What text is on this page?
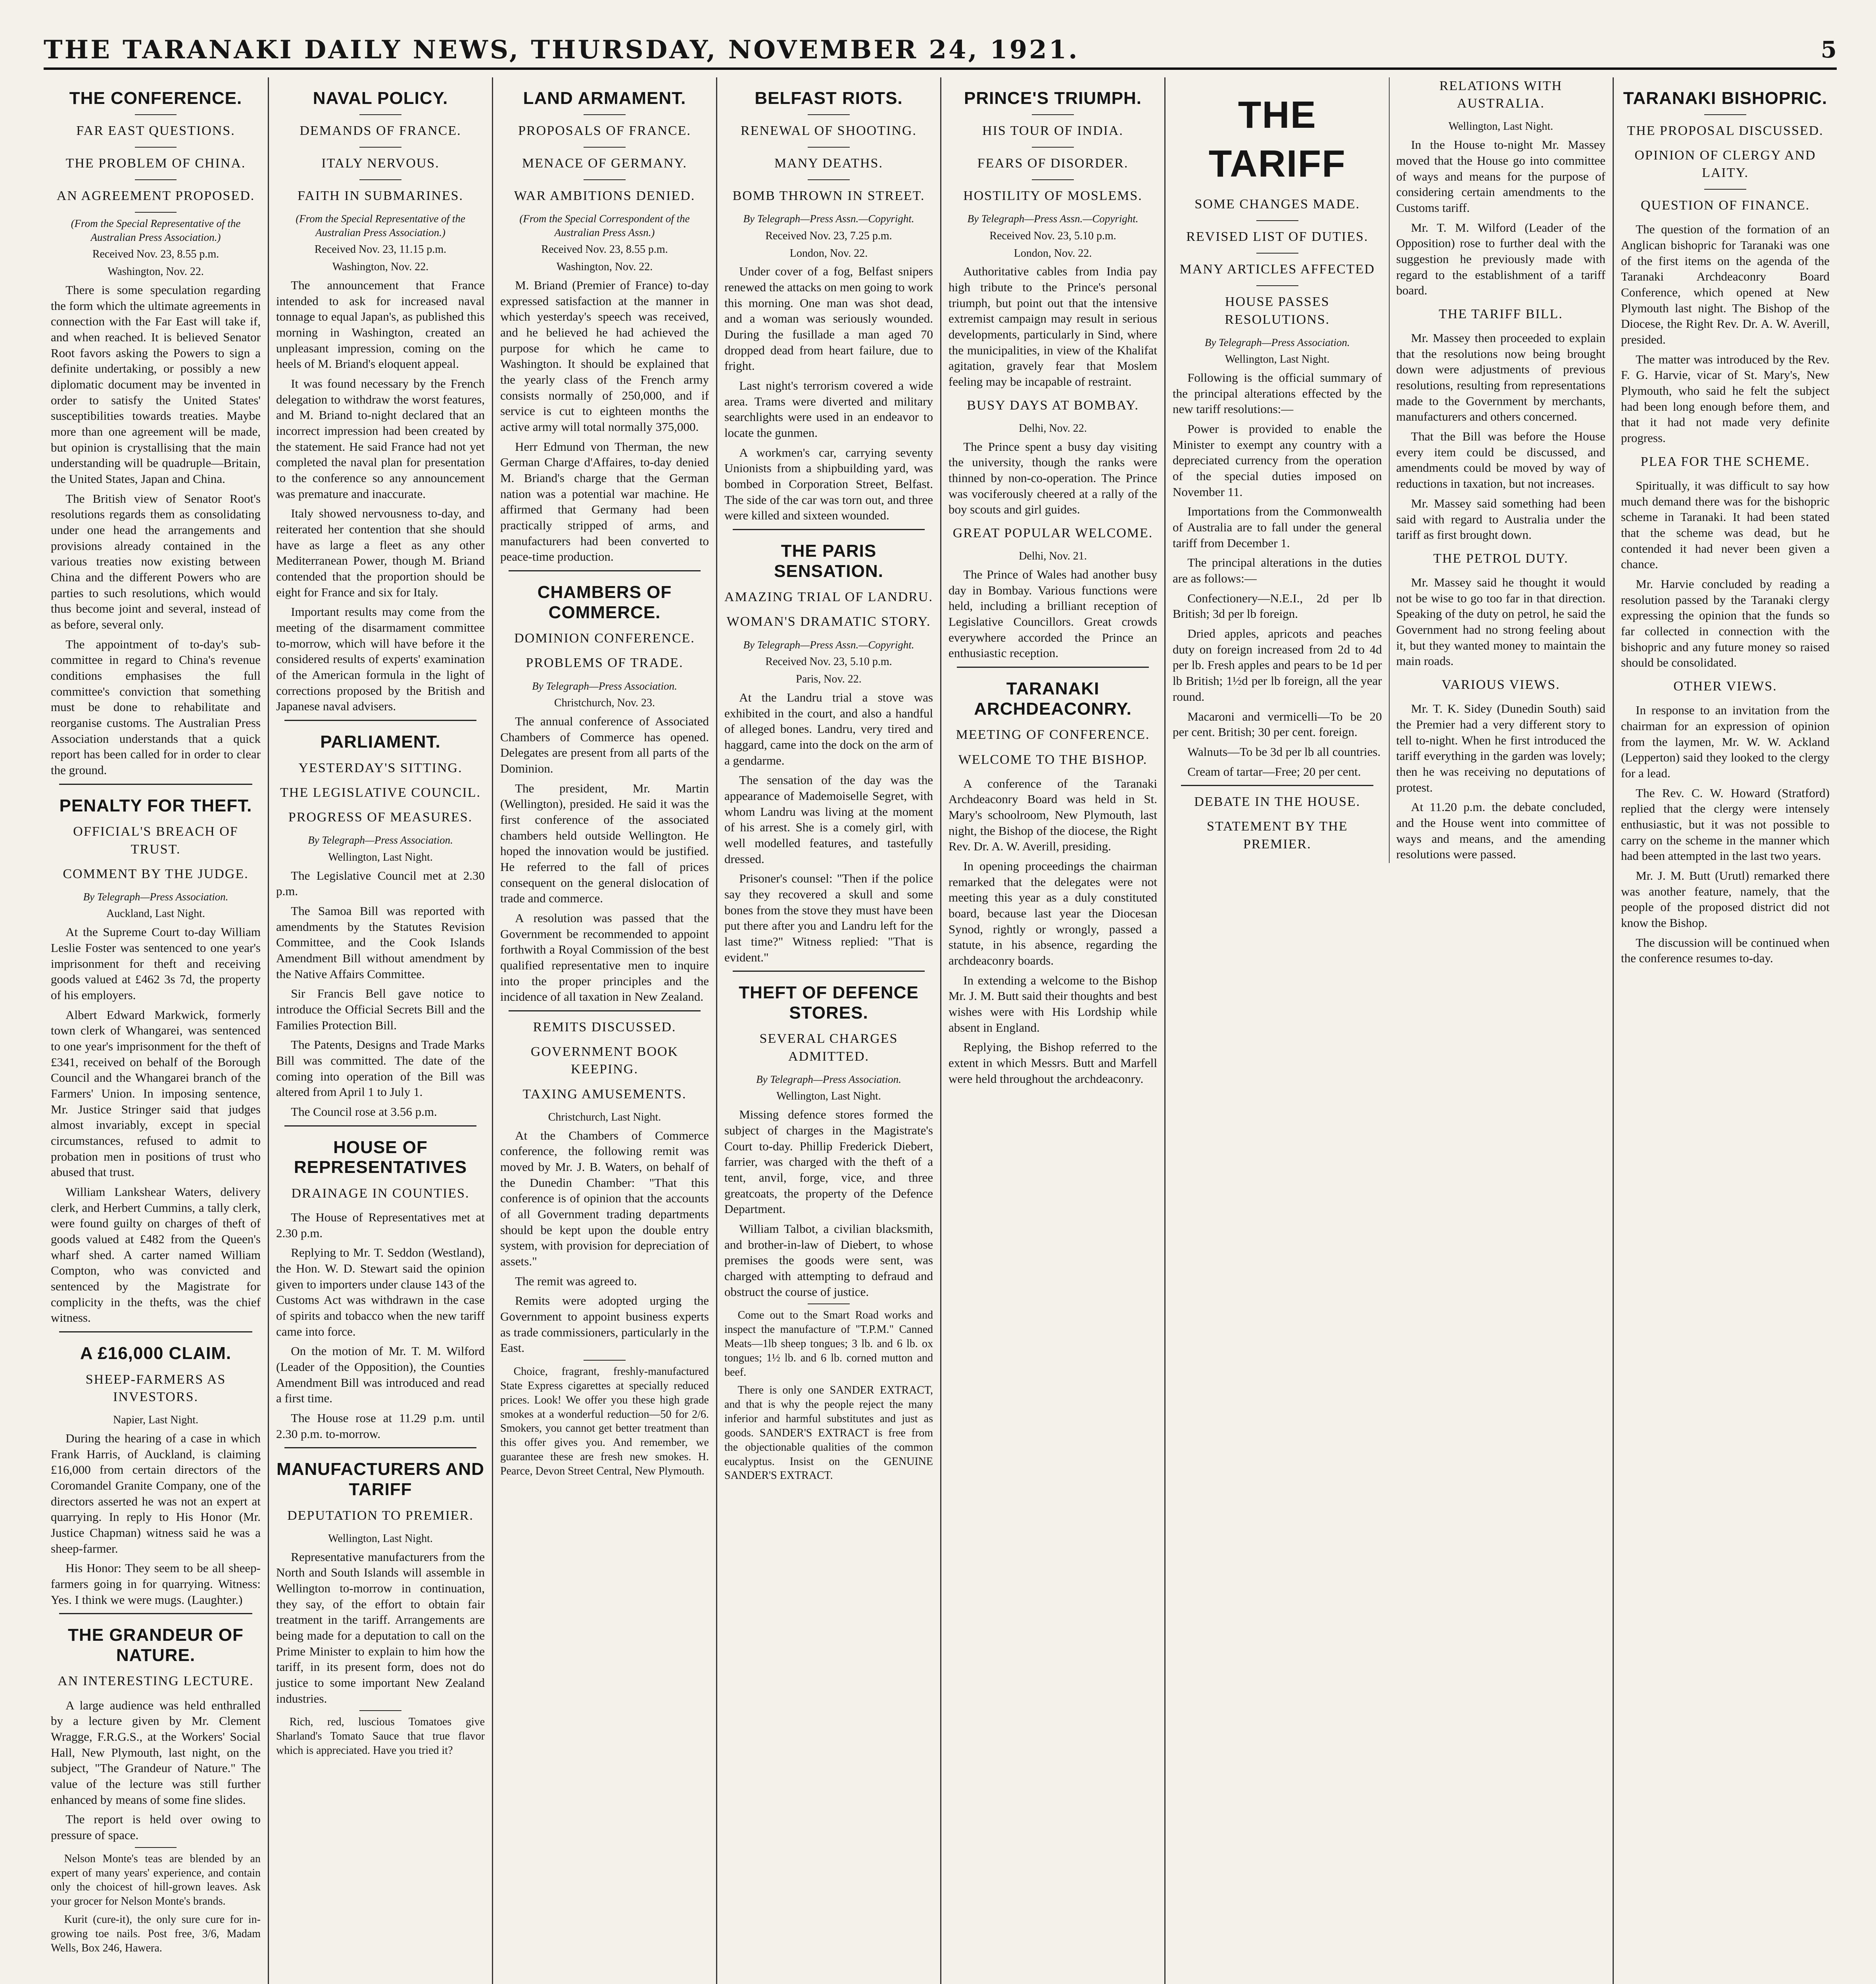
THE TARANAKI DAILY NEWS, THURSDAY, NOVEMBER 24, 1921.	5
THE CONFERENCE.
FAR EAST QUESTIONS.
THE PROBLEM OF CHINA.
AN AGREEMENT PROPOSED.
(From the Special Representative of the Australian Press Association.)
Received Nov. 23, 8.55 p.m.
Washington, Nov. 22.

There is some speculation regarding the form which the ultimate agreements in connection with the Far East will take if, and when reached. It is believed Senator Root favors asking the Powers to sign a definite undertaking, or possibly a new diplomatic document may be invented in order to satisfy the United States' susceptibilities towards treaties. Maybe more than one agreement will be made, but opinion is crystallising that the main understanding will be quadruple—Britain, the United States, Japan and China.

The British view of Senator Root's resolutions regards them as consolidating under one head the arrangements and provisions already contained in the various treaties now existing between China and the different Powers who are parties to such resolutions, which would thus become joint and several, instead of as before, several only.

The appointment of to-day's sub-committee in regard to China's revenue conditions emphasises the full committee's conviction that something must be done to rehabilitate and reorganise customs. The Australian Press Association understands that a quick report has been called for in order to clear the ground.

PENALTY FOR THEFT.
OFFICIAL'S BREACH OF TRUST.
COMMENT BY THE JUDGE.
By Telegraph—Press Association.
Auckland, Last Night.

At the Supreme Court to-day William Leslie Foster was sentenced to one year's imprisonment for theft and receiving goods valued at £462 3s 7d, the property of his employers.

Albert Edward Markwick, formerly town clerk of Whangarei, was sentenced to one year's imprisonment for the theft of £341, received on behalf of the Borough Council and the Whangarei branch of the Farmers' Union. In imposing sentence, Mr. Justice Stringer said that judges almost invariably, except in special circumstances, refused to admit to probation men in positions of trust who abused that trust.

William Lankshear Waters, delivery clerk, and Herbert Cummins, a tally clerk, were found guilty on charges of theft of goods valued at £482 from the Queen's wharf shed. A carter named William Compton, who was convicted and sentenced by the Magistrate for complicity in the thefts, was the chief witness.

A £16,000 CLAIM.
SHEEP-FARMERS AS INVESTORS.
Napier, Last Night.

During the hearing of a case in which Frank Harris, of Auckland, is claiming £16,000 from certain directors of the Coromandel Granite Company, one of the directors asserted he was not an expert at quarrying. In reply to His Honor (Mr. Justice Chapman) witness said he was a sheep-farmer.

His Honor: They seem to be all sheep-farmers going in for quarrying. Witness: Yes. I think we were mugs. (Laughter.)

THE GRANDEUR OF NATURE.
AN INTERESTING LECTURE.

A large audience was held enthralled by a lecture given by Mr. Clement Wragge, F.R.G.S., at the Workers' Social Hall, New Plymouth, last night, on the subject, "The Grandeur of Nature." The value of the lecture was still further enhanced by means of some fine slides.

The report is held over owing to pressure of space.

Nelson Monte's teas are blended by an expert of many years' experience, and contain only the choicest of hill-grown leaves. Ask your grocer for Nelson Monte's brands.

Kurit (cure-it), the only sure cure for in-growing toe nails. Post free, 3/6, Madam Wells, Box 246, Hawera.

NAVAL POLICY.
DEMANDS OF FRANCE.
ITALY NERVOUS.
FAITH IN SUBMARINES.
(From the Special Representative of the Australian Press Association.)
Received Nov. 23, 11.15 p.m.
Washington, Nov. 22.

The announcement that France intended to ask for increased naval tonnage to equal Japan's, as published this morning in Washington, created an unpleasant impression, coming on the heels of M. Briand's eloquent appeal.

It was found necessary by the French delegation to withdraw the worst features, and M. Briand to-night declared that an incorrect impression had been created by the statement. He said France had not yet completed the naval plan for presentation to the conference so any announcement was premature and inaccurate.

Italy showed nervousness to-day, and reiterated her contention that she should have as large a fleet as any other Mediterranean Power, though M. Briand contended that the proportion should be eight for France and six for Italy.

Important results may come from the meeting of the disarmament committee to-morrow, which will have before it the considered results of experts' examination of the American formula in the light of corrections proposed by the British and Japanese naval advisers.

PARLIAMENT.
YESTERDAY'S SITTING.
THE LEGISLATIVE COUNCIL.
PROGRESS OF MEASURES.
By Telegraph—Press Association.
Wellington, Last Night.

The Legislative Council met at 2.30 p.m.

The Samoa Bill was reported with amendments by the Statutes Revision Committee, and the Cook Islands Amendment Bill without amendment by the Native Affairs Committee.

Sir Francis Bell gave notice to introduce the Official Secrets Bill and the Families Protection Bill.

The Patents, Designs and Trade Marks Bill was committed. The date of the coming into operation of the Bill was altered from April 1 to July 1.

The Council rose at 3.56 p.m.

HOUSE OF REPRESENTATIVES
DRAINAGE IN COUNTIES.

The House of Representatives met at 2.30 p.m.

Replying to Mr. T. Seddon (Westland), the Hon. W. D. Stewart said the opinion given to importers under clause 143 of the Customs Act was withdrawn in the case of spirits and tobacco when the new tariff came into force.

On the motion of Mr. T. M. Wilford (Leader of the Opposition), the Counties Amendment Bill was introduced and read a first time.

The House rose at 11.29 p.m. until 2.30 p.m. to-morrow.

MANUFACTURERS AND TARIFF
DEPUTATION TO PREMIER.
Wellington, Last Night.

Representative manufacturers from the North and South Islands will assemble in Wellington to-morrow in continuation, they say, of the effort to obtain fair treatment in the tariff. Arrangements are being made for a deputation to call on the Prime Minister to explain to him how the tariff, in its present form, does not do justice to some important New Zealand industries.

Rich, red, luscious Tomatoes give Sharland's Tomato Sauce that true flavor which is appreciated. Have you tried it?

LAND ARMAMENT.
PROPOSALS OF FRANCE.
MENACE OF GERMANY.
WAR AMBITIONS DENIED.
(From the Special Correspondent of the Australian Press Assn.)
Received Nov. 23, 8.55 p.m.
Washington, Nov. 22.

M. Briand (Premier of France) to-day expressed satisfaction at the manner in which yesterday's speech was received, and he believed he had achieved the purpose for which he came to Washington. It should be explained that the yearly class of the French army consists normally of 250,000, and if service is cut to eighteen months the active army will total normally 375,000.

Herr Edmund von Therman, the new German Charge d'Affaires, to-day denied M. Briand's charge that the German nation was a potential war machine. He affirmed that Germany had been practically stripped of arms, and manufacturers had been converted to peace-time production.

CHAMBERS OF COMMERCE.
DOMINION CONFERENCE.
PROBLEMS OF TRADE.
By Telegraph—Press Association.
Christchurch, Nov. 23.

The annual conference of Associated Chambers of Commerce has opened. Delegates are present from all parts of the Dominion.

The president, Mr. Martin (Wellington), presided. He said it was the first conference of the associated chambers held outside Wellington. He hoped the innovation would be justified. He referred to the fall of prices consequent on the general dislocation of trade and commerce.

A resolution was passed that the Government be recommended to appoint forthwith a Royal Commission of the best qualified representative men to inquire into the proper principles and the incidence of all taxation in New Zealand.

REMITS DISCUSSED.
GOVERNMENT BOOK KEEPING.
TAXING AMUSEMENTS.
Christchurch, Last Night.

At the Chambers of Commerce conference, the following remit was moved by Mr. J. B. Waters, on behalf of the Dunedin Chamber: "That this conference is of opinion that the accounts of all Government trading departments should be kept upon the double entry system, with provision for depreciation of assets."

The remit was agreed to.

Remits were adopted urging the Government to appoint business experts as trade commissioners, particularly in the East.

Choice, fragrant, freshly-manufactured State Express cigarettes at specially reduced prices. Look! We offer you these high grade smokes at a wonderful reduction—50 for 2/6. Smokers, you cannot get better treatment than this offer gives you. And remember, we guarantee these are fresh new smokes. H. Pearce, Devon Street Central, New Plymouth.

BELFAST RIOTS.
RENEWAL OF SHOOTING.
MANY DEATHS.
BOMB THROWN IN STREET.
By Telegraph—Press Assn.—Copyright.
Received Nov. 23, 7.25 p.m.
London, Nov. 22.

Under cover of a fog, Belfast snipers renewed the attacks on men going to work this morning. One man was shot dead, and a woman was seriously wounded. During the fusillade a man aged 70 dropped dead from heart failure, due to fright.

Last night's terrorism covered a wide area. Trams were diverted and military searchlights were used in an endeavor to locate the gunmen.

A workmen's car, carrying seventy Unionists from a shipbuilding yard, was bombed in Corporation Street, Belfast. The side of the car was torn out, and three were killed and sixteen wounded.

THE PARIS SENSATION.
AMAZING TRIAL OF LANDRU.
WOMAN'S DRAMATIC STORY.
By Telegraph—Press Assn.—Copyright.
Received Nov. 23, 5.10 p.m.
Paris, Nov. 22.

At the Landru trial a stove was exhibited in the court, and also a handful of alleged bones. Landru, very tired and haggard, came into the dock on the arm of a gendarme.

The sensation of the day was the appearance of Mademoiselle Segret, with whom Landru was living at the moment of his arrest. She is a comely girl, with well modelled features, and tastefully dressed.

Prisoner's counsel: "Then if the police say they recovered a skull and some bones from the stove they must have been put there after you and Landru left for the last time?" Witness replied: "That is evident."

THEFT OF DEFENCE STORES.
SEVERAL CHARGES ADMITTED.
By Telegraph—Press Association.
Wellington, Last Night.

Missing defence stores formed the subject of charges in the Magistrate's Court to-day. Phillip Frederick Diebert, farrier, was charged with the theft of a tent, anvil, forge, vice, and three greatcoats, the property of the Defence Department.

William Talbot, a civilian blacksmith, and brother-in-law of Diebert, to whose premises the goods were sent, was charged with attempting to defraud and obstruct the course of justice.

Come out to the Smart Road works and inspect the manufacture of "T.P.M." Canned Meats—1lb sheep tongues; 3 lb. and 6 lb. ox tongues; 1½ lb. and 6 lb. corned mutton and beef.

There is only one SANDER EXTRACT, and that is why the people reject the many inferior and harmful substitutes and just as goods. SANDER'S EXTRACT is free from the objectionable qualities of the common eucalyptus. Insist on the GENUINE SANDER'S EXTRACT.

PRINCE'S TRIUMPH.
HIS TOUR OF INDIA.
FEARS OF DISORDER.
HOSTILITY OF MOSLEMS.
By Telegraph—Press Assn.—Copyright.
Received Nov. 23, 5.10 p.m.
London, Nov. 22.

Authoritative cables from India pay high tribute to the Prince's personal triumph, but point out that the intensive extremist campaign may result in serious developments, particularly in Sind, where the municipalities, in view of the Khalifat agitation, gravely fear that Moslem feeling may be incapable of restraint.

BUSY DAYS AT BOMBAY.
Delhi, Nov. 22.

The Prince spent a busy day visiting the university, though the ranks were thinned by non-co-operation. The Prince was vociferously cheered at a rally of the boy scouts and girl guides.

GREAT POPULAR WELCOME.
Delhi, Nov. 21.

The Prince of Wales had another busy day in Bombay. Various functions were held, including a brilliant reception of Legislative Councillors. Great crowds everywhere accorded the Prince an enthusiastic reception.

TARANAKI ARCHDEACONRY.
MEETING OF CONFERENCE.
WELCOME TO THE BISHOP.

A conference of the Taranaki Archdeaconry Board was held in St. Mary's schoolroom, New Plymouth, last night, the Bishop of the diocese, the Right Rev. Dr. A. W. Averill, presiding.

In opening proceedings the chairman remarked that the delegates were not meeting this year as a duly constituted board, because last year the Diocesan Synod, rightly or wrongly, passed a statute, in his absence, regarding the archdeaconry boards.

In extending a welcome to the Bishop Mr. J. M. Butt said their thoughts and best wishes were with His Lordship while absent in England.

Replying, the Bishop referred to the extent in which Messrs. Butt and Marfell were held throughout the archdeaconry.

THE TARIFF
SOME CHANGES MADE.
REVISED LIST OF DUTIES.
MANY ARTICLES AFFECTED
HOUSE PASSES RESOLUTIONS.
By Telegraph—Press Association.
Wellington, Last Night.

Following is the official summary of the principal alterations effected by the new tariff resolutions:—

Power is provided to enable the Minister to exempt any country with a depreciated currency from the operation of the special duties imposed on November 11.

Importations from the Commonwealth of Australia are to fall under the general tariff from December 1.

The principal alterations in the duties are as follows:—

Confectionery—N.E.I., 2d per lb British; 3d per lb foreign.

Dried apples, apricots and peaches duty on foreign increased from 2d to 4d per lb. Fresh apples and pears to be 1d per lb British; 1½d per lb foreign, all the year round.

Macaroni and vermicelli—To be 20 per cent. British; 30 per cent. foreign.

Walnuts—To be 3d per lb all countries.

Cream of tartar—Free; 20 per cent.

DEBATE IN THE HOUSE.
STATEMENT BY THE PREMIER.
RELATIONS WITH AUSTRALIA.
Wellington, Last Night.

In the House to-night Mr. Massey moved that the House go into committee of ways and means for the purpose of considering certain amendments to the Customs tariff.

Mr. T. M. Wilford (Leader of the Opposition) rose to further deal with the suggestion he previously made with regard to the establishment of a tariff board.

THE TARIFF BILL.

Mr. Massey then proceeded to explain that the resolutions now being brought down were adjustments of previous resolutions, resulting from representations made to the Government by merchants, manufacturers and others concerned.

That the Bill was before the House every item could be discussed, and amendments could be moved by way of reductions in taxation, but not increases.

Mr. Massey said something had been said with regard to Australia under the tariff as first brought down.

THE PETROL DUTY.

Mr. Massey said he thought it would not be wise to go too far in that direction. Speaking of the duty on petrol, he said the Government had no strong feeling about it, but they wanted money to maintain the main roads.

VARIOUS VIEWS.

Mr. T. K. Sidey (Dunedin South) said the Premier had a very different story to tell to-night. When he first introduced the tariff everything in the garden was lovely; then he was receiving no deputations of protest.

At 11.20 p.m. the debate concluded, and the House went into committee of ways and means, and the amending resolutions were passed.

TARANAKI BISHOPRIC.
THE PROPOSAL DISCUSSED.
OPINION OF CLERGY AND LAITY.
QUESTION OF FINANCE.

The question of the formation of an Anglican bishopric for Taranaki was one of the first items on the agenda of the Taranaki Archdeaconry Board Conference, which opened at New Plymouth last night. The Bishop of the Diocese, the Right Rev. Dr. A. W. Averill, presided.

The matter was introduced by the Rev. F. G. Harvie, vicar of St. Mary's, New Plymouth, who said he felt the subject had been long enough before them, and that it had not made very definite progress.

PLEA FOR THE SCHEME.

Spiritually, it was difficult to say how much demand there was for the bishopric scheme in Taranaki. It had been stated that the scheme was dead, but he contended it had never been given a chance.

Mr. Harvie concluded by reading a resolution passed by the Taranaki clergy expressing the opinion that the funds so far collected in connection with the bishopric and any future money so raised should be consolidated.

OTHER VIEWS.

In response to an invitation from the chairman for an expression of opinion from the laymen, Mr. W. W. Ackland (Lepperton) said they looked to the clergy for a lead.

The Rev. C. W. Howard (Stratford) replied that the clergy were intensely enthusiastic, but it was not possible to carry on the scheme in the manner which had been attempted in the last two years.

Mr. J. M. Butt (Urutl) remarked there was another feature, namely, that the people of the proposed district did not know the Bishop.

The discussion will be continued when the conference resumes to-day.
